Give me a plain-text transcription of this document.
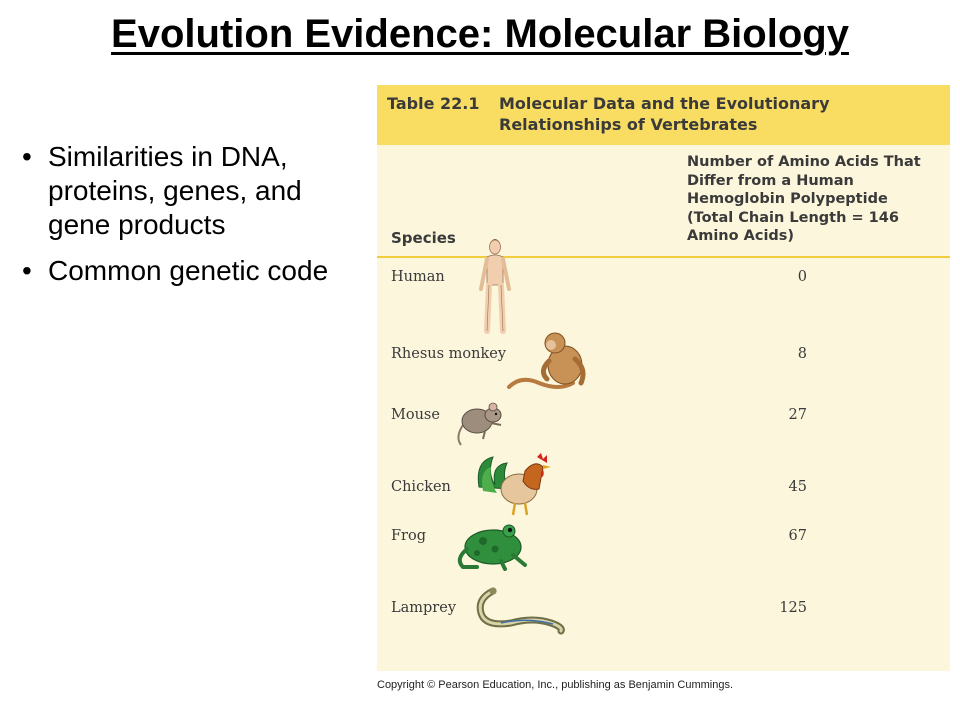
Evolution Evidence: Molecular Biology
• Similarities in DNA, proteins, genes, and gene products
• Common genetic code
Table 22.1 Molecular Data and the Evolutionary Relationships of Vertebrates
Number of Amino Acids That Differ from a Human Hemoglobin Polypeptide (Total Chain Length = 146 Amino Acids)
Species
Human	0
Rhesus monkey	8
Mouse	27
Chicken	45
Frog	67
Lamprey	125
Copyright © Pearson Education, Inc., publishing as Benjamin Cummings.
